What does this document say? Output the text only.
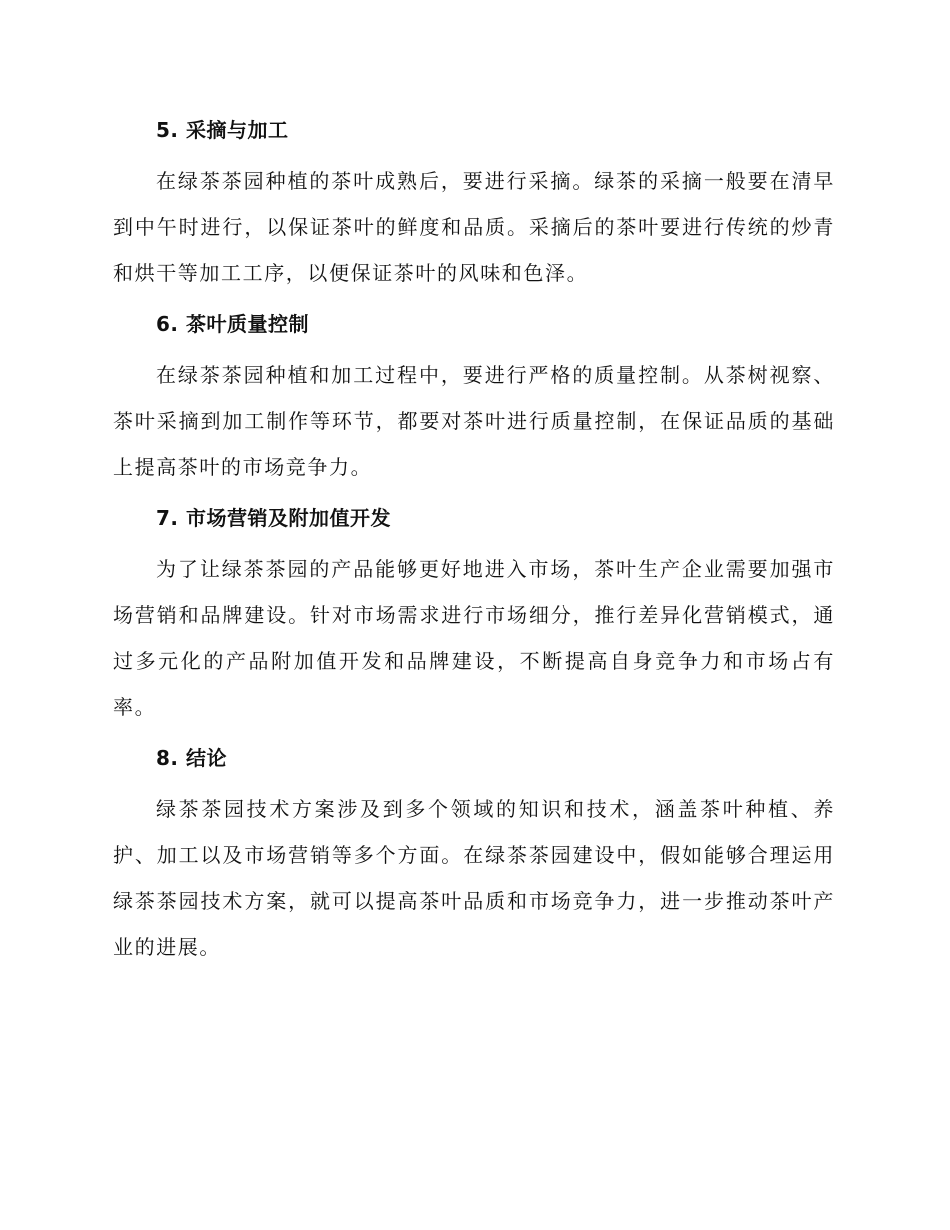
5. 采摘与加工

在绿茶茶园种植的茶叶成熟后，要进行采摘。绿茶的采摘一般要在清早到中午时进行，以保证茶叶的鲜度和品质。采摘后的茶叶要进行传统的炒青和烘干等加工工序，以便保证茶叶的风味和色泽。

6. 茶叶质量控制

在绿茶茶园种植和加工过程中，要进行严格的质量控制。从茶树视察、茶叶采摘到加工制作等环节，都要对茶叶进行质量控制，在保证品质的基础上提高茶叶的市场竞争力。

7. 市场营销及附加值开发

为了让绿茶茶园的产品能够更好地进入市场，茶叶生产企业需要加强市场营销和品牌建设。针对市场需求进行市场细分，推行差异化营销模式，通过多元化的产品附加值开发和品牌建设，不断提高自身竞争力和市场占有率。

8. 结论

绿茶茶园技术方案涉及到多个领域的知识和技术，涵盖茶叶种植、养护、加工以及市场营销等多个方面。在绿茶茶园建设中，假如能够合理运用绿茶茶园技术方案，就可以提高茶叶品质和市场竞争力，进一步推动茶叶产业的进展。
